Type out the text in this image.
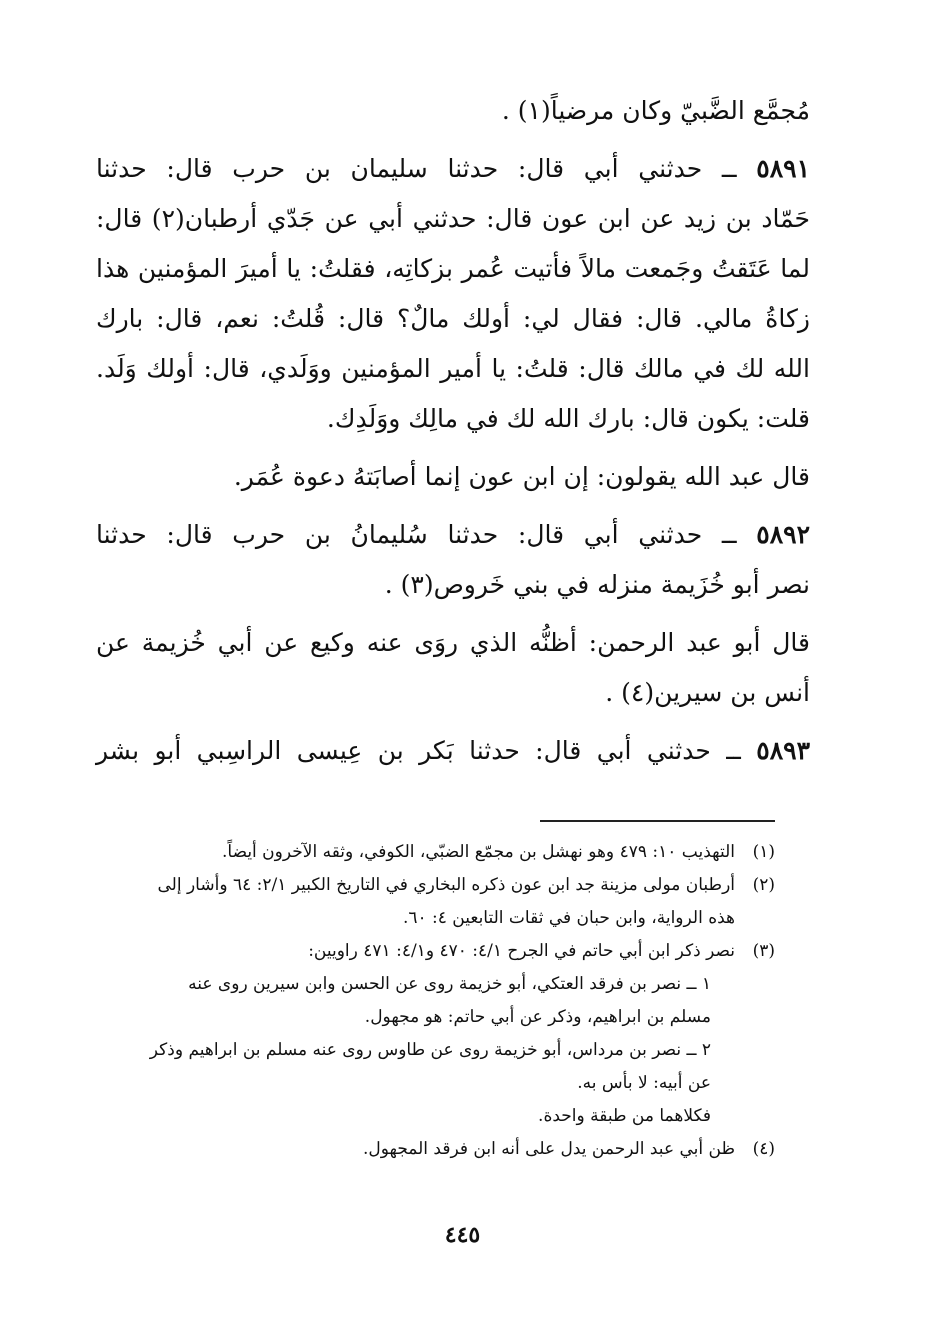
مُجمَّع الضَّبيّ وكان مرضياً(١) .
٥٨٩١ ــ حدثني أبي قال: حدثنا سليمان بن حرب قال: حدثنا
حَمّاد بن زيد عن ابن عون قال: حدثني أبي عن جَدّي أرطبان(٢) قال:
لما عَتَقتُ وجَمعت مالاً فأتيت عُمر بزكاتِه، فقلتُ: يا أميرَ المؤمنين هذا
زكاةُ مالي. قال: فقال لي: أولك مالٌ؟ قال: قُلتُ: نعم، قال: بارك
الله لك في مالك قال: قلتُ: يا أمير المؤمنين ووَلَدي، قال: أولك وَلَد.
قلت: يكون قال: بارك الله لك في مالِك ووَلَدِك.
قال عبد الله يقولون: إن ابن عون إنما أصابَتهُ دعوة عُمَر.
٥٨٩٢ ــ حدثني أبي قال: حدثنا سُليمانُ بن حرب قال: حدثنا
نصر أبو خُزَيمة منزله في بني خَروص(٣) .
قال أبو عبد الرحمن: أظنُّه الذي روَى عنه وكيع عن أبي خُزيمة عن
أنس بن سيرين(٤) .
٥٨٩٣ ــ حدثني أبي قال: حدثنا بَكر بن عِيسى الراسِبي أبو بشر
(١)
التهذيب ١٠: ٤٧٩ وهو نهشل بن مجمّع الضبّي، الكوفي، وثقه الآخرون أيضاً.
(٢)
أرطبان مولى مزينة جد ابن عون ذكره البخاري في التاريخ الكبير ٢/١: ٦٤ وأشار إلى
هذه الرواية، وابن حبان في ثقات التابعين ٤: ٦٠.
(٣)
نصر ذكر ابن أبي حاتم في الجرح ٤/١: ٤٧٠ و٤/١: ٤٧١ راويين:
١ ــ نصر بن فرقد العتكي، أبو خزيمة روى عن الحسن وابن سيرين روى عنه
مسلم بن ابراهيم، وذكر عن أبي حاتم: هو مجهول.
٢ ــ نصر بن مرداس، أبو خزيمة روى عن طاوس روى عنه مسلم بن ابراهيم وذكر
عن أبيه: لا بأس به.
فكلاهما من طبقة واحدة.
(٤)
ظن أبي عبد الرحمن يدل على أنه ابن فرقد المجهول.
٤٤٥
